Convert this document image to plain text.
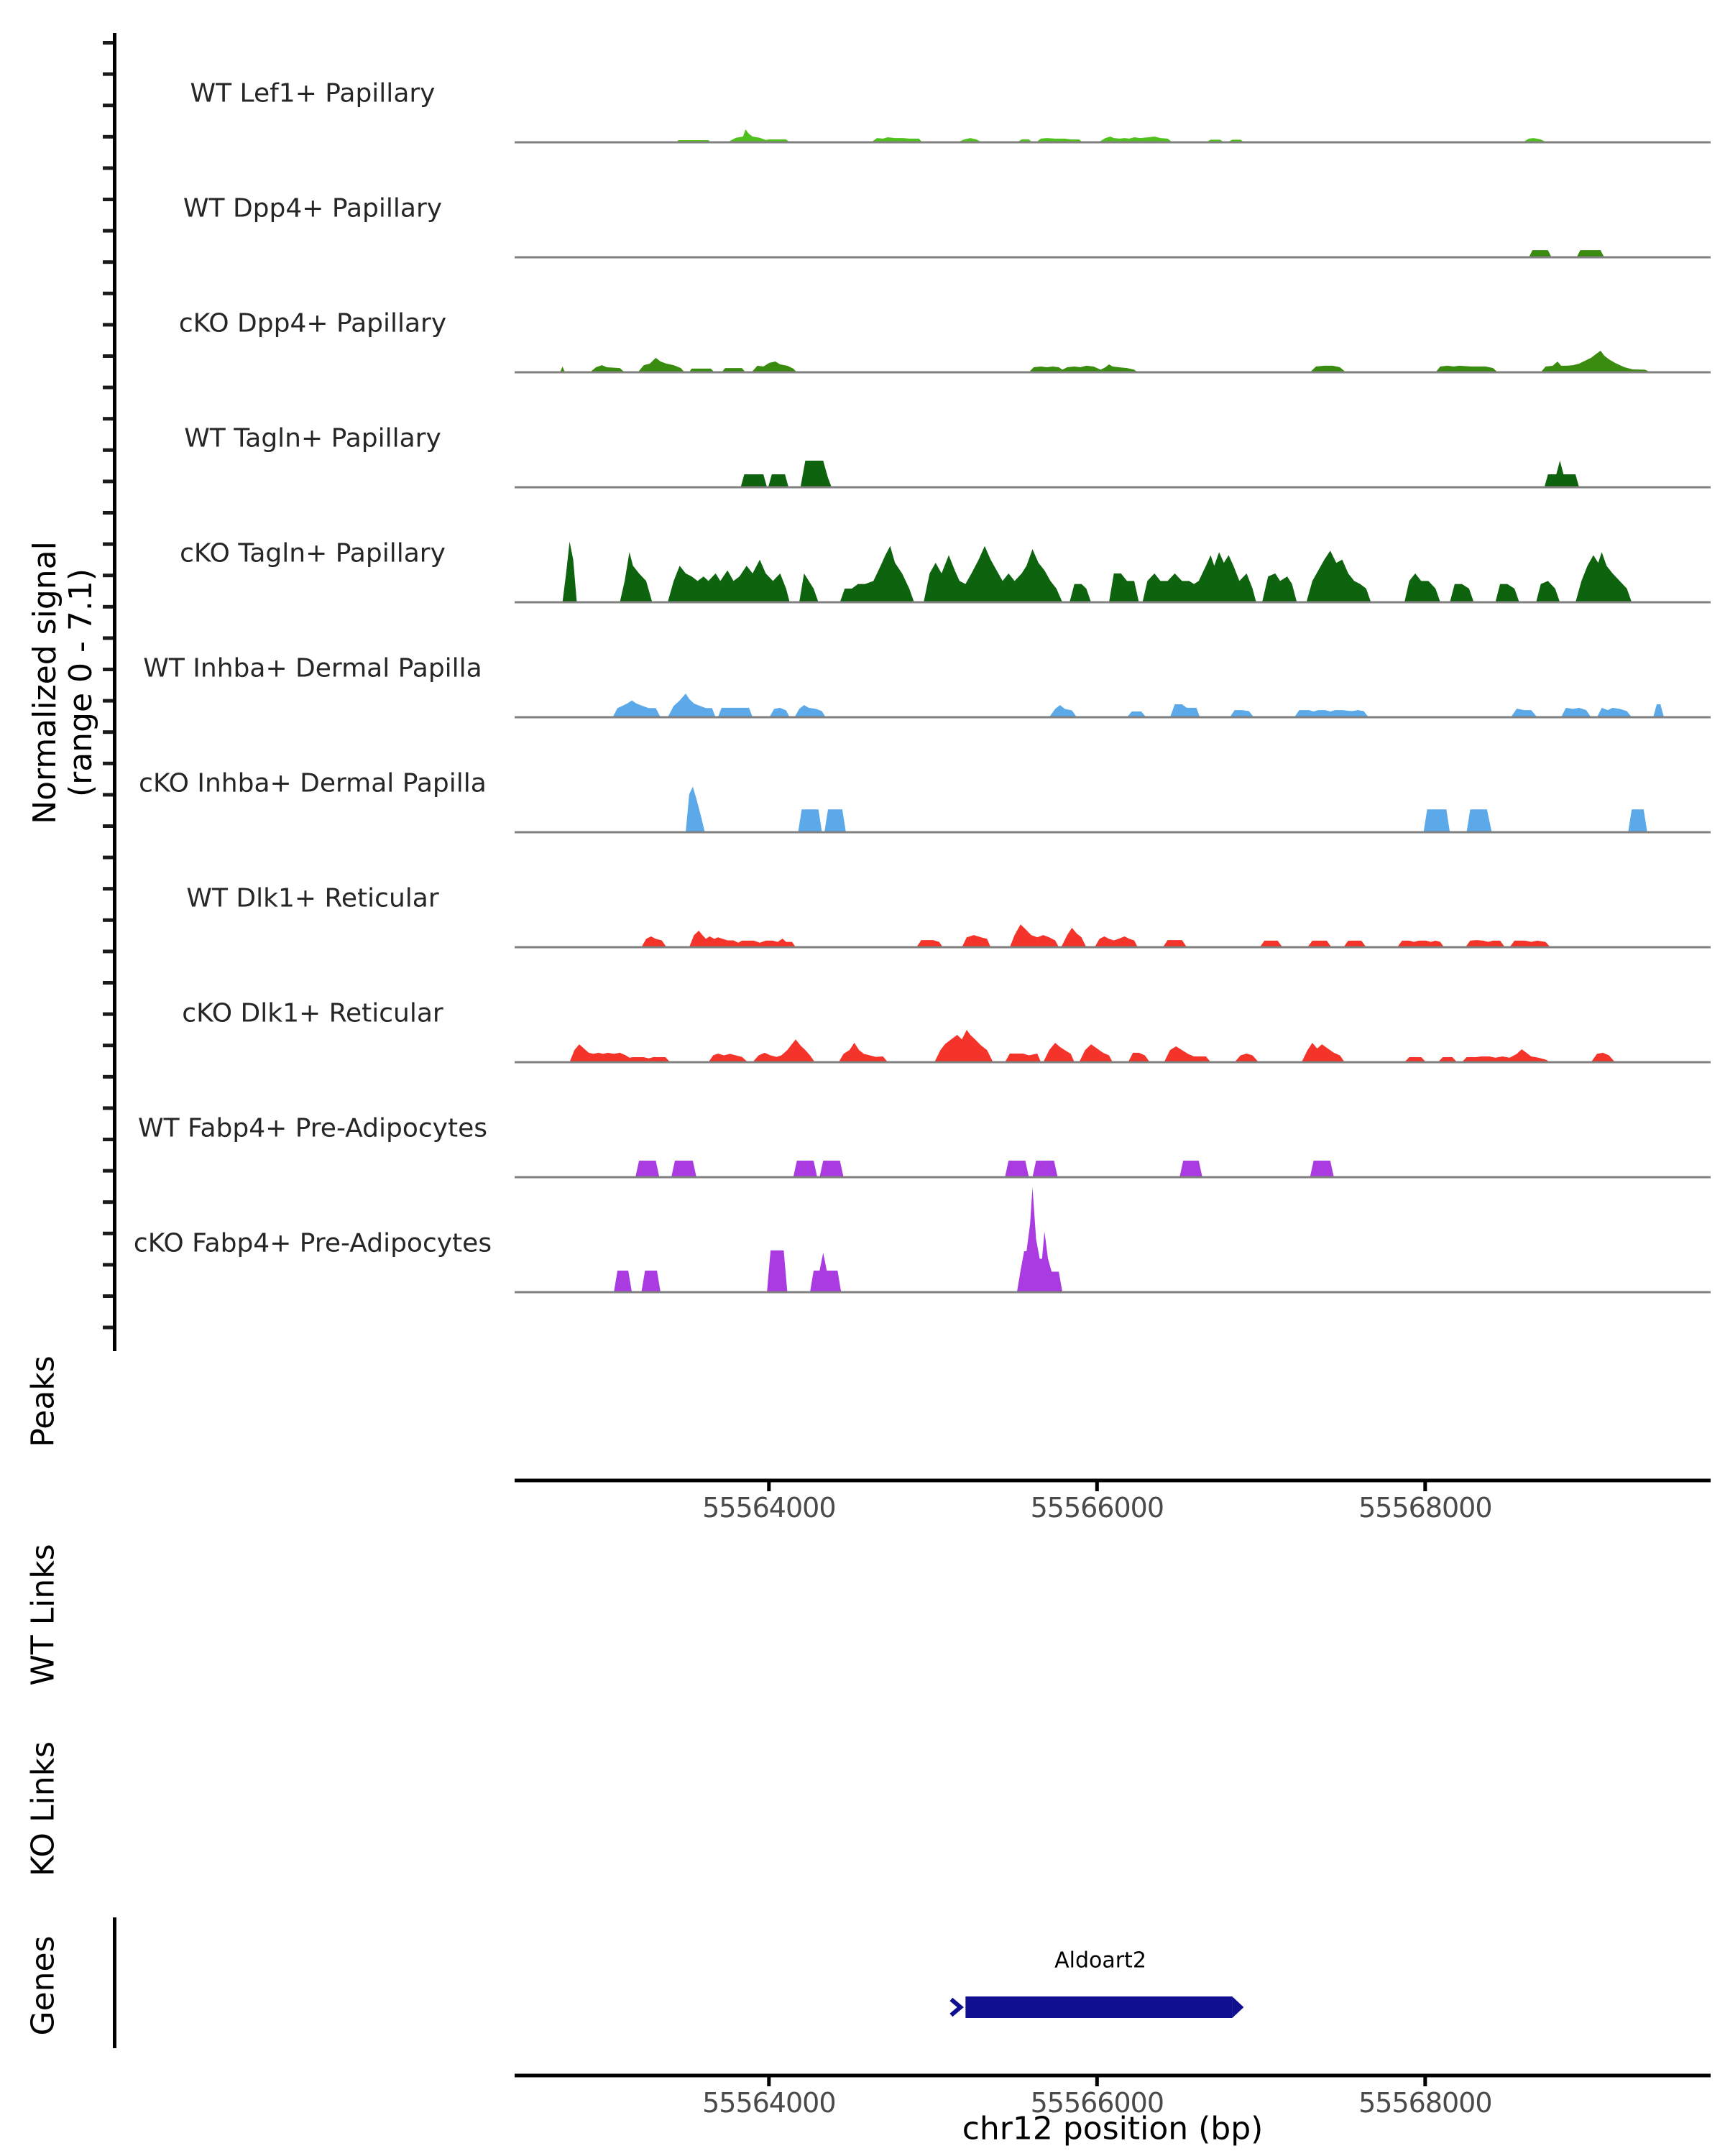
Normalized signal (range 0 - 7.1)
Peaks
WT Links
KO Links
Genes	Aldoart2
chr12 position (bp)
WT Lef1+ Papillary
WT Dpp4+ Papillary
cKO Dpp4+ Papillary
WT Tagln+ Papillary
cKO Tagln+ Papillary
WT Inhba+ Dermal Papilla
cKO Inhba+ Dermal Papilla
WT Dlk1+ Reticular
cKO Dlk1+ Reticular
WT Fabp4+ Pre-Adipocytes
cKO Fabp4+ Pre-Adipocytes
55564000	55566000	55568000
55564000	55566000	55568000
